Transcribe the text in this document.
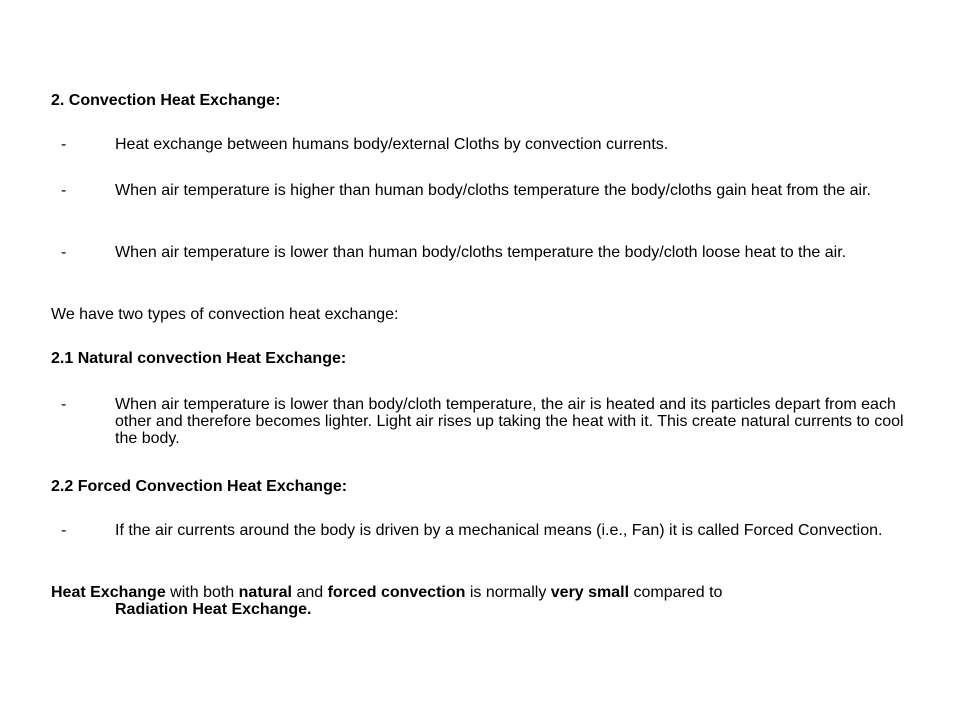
2. Convection Heat Exchange:

-	Heat exchange between humans body/external Cloths by convection currents.
-	When air temperature is higher than human body/cloths temperature the body/cloths gain heat from the air.
-	When air temperature is lower than human body/cloths temperature the body/cloth loose heat to the air.

We have two types of convection heat exchange:

2.1 Natural convection Heat Exchange:

-	When air temperature is lower than body/cloth temperature, the air is heated and its particles depart from each other and therefore becomes lighter. Light air rises up taking the heat with it. This create natural currents to cool the body.

2.2 Forced Convection Heat Exchange:

-	If the air currents around the body is driven by a mechanical means (i.e., Fan) it is called Forced Convection.

Heat Exchange with both natural and forced convection is normally very small compared to
Radiation Heat Exchange.
